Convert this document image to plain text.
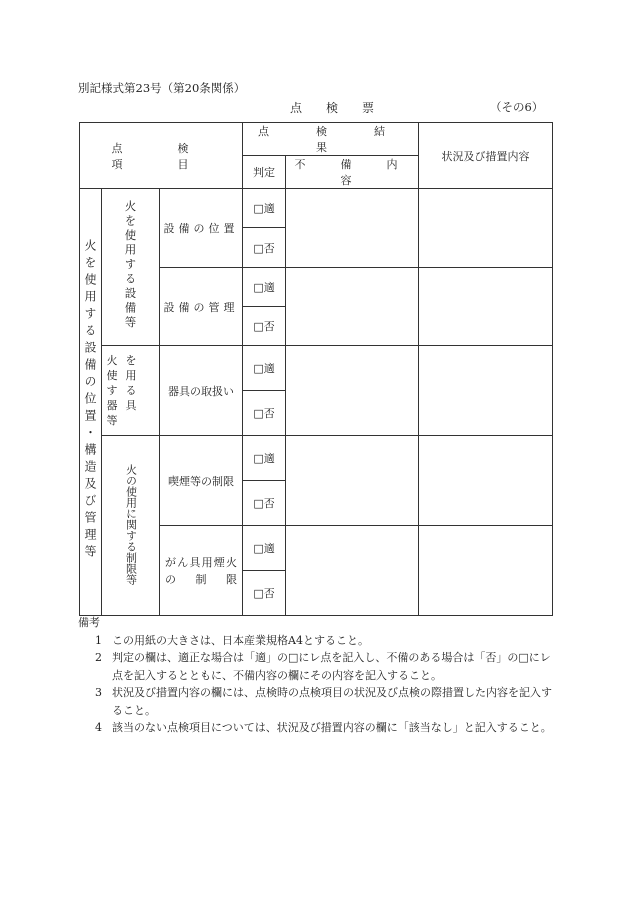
別記様式第23号（第20条関係）
点　検　票	（その6）
点　検　項　目			点　検　結　果		状況及び措置内容
			判定	不　備　内　容	
火を使用する設備の位置・構造及び管理等	火を使用する設備等	設備の位置	□適		
			□否		
		設備の管理	□適		
			□否		

	火を使用する器具等	器具の取扱い	□適		
			□否		
	火の使用に関する制限等	喫煙等の制限	□適		
			□否		

		がん具用煙火の制限	□適		
			□否		
備考
1 この用紙の大きさは、日本産業規格A4とすること。
2 判定の欄は、適正な場合は「適」の□にレ点を記入し、不備のある場合は「否」の□にレ点を記入するとともに、不備内容の欄にその内容を記入すること。
3 状況及び措置内容の欄には、点検時の点検項目の状況及び点検の際措置した内容を記入すること。
4 該当のない点検項目については、状況及び措置内容の欄に「該当なし」と記入すること。
